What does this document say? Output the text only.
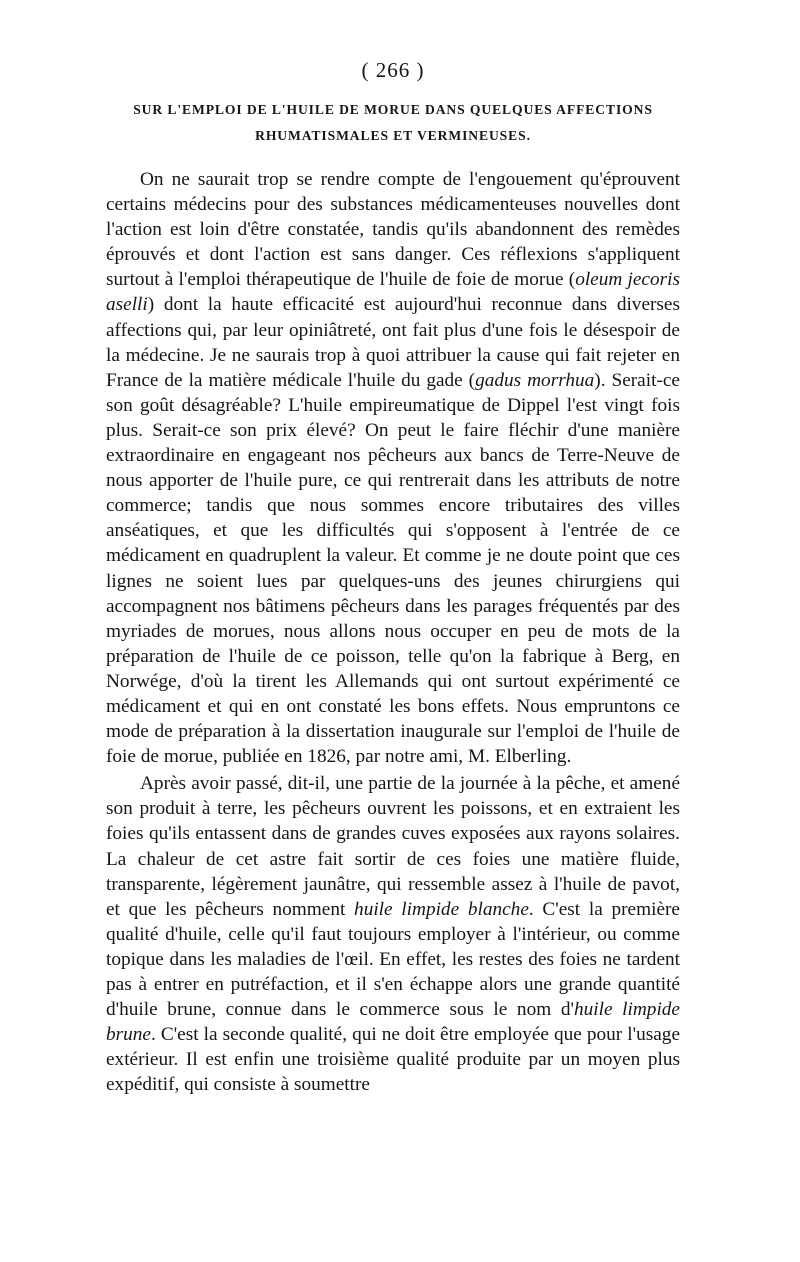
( 266 )
SUR L'EMPLOI DE L'HUILE DE MORUE DANS QUELQUES AFFECTIONS
RHUMATISMALES ET VERMINEUSES.

On ne saurait trop se rendre compte de l'engouement qu'éprouvent certains médecins pour des substances médicamenteuses nouvelles dont l'action est loin d'être constatée, tandis qu'ils abandonnent des remèdes éprouvés et dont l'action est sans danger. Ces réflexions s'appliquent surtout à l'emploi thérapeutique de l'huile de foie de morue (oleum jecoris aselli) dont la haute efficacité est aujourd'hui reconnue dans diverses affections qui, par leur opiniâtreté, ont fait plus d'une fois le désespoir de la médecine. Je ne saurais trop à quoi attribuer la cause qui fait rejeter en France de la matière médicale l'huile du gade (gadus morrhua). Serait-ce son goût désagréable? L'huile empireumatique de Dippel l'est vingt fois plus. Serait-ce son prix élevé? On peut le faire fléchir d'une manière extraordinaire en engageant nos pêcheurs aux bancs de Terre-Neuve de nous apporter de l'huile pure, ce qui rentrerait dans les attributs de notre commerce; tandis que nous sommes encore tributaires des villes anséatiques, et que les difficultés qui s'opposent à l'entrée de ce médicament en quadruplent la valeur. Et comme je ne doute point que ces lignes ne soient lues par quelques-uns des jeunes chirurgiens qui accompagnent nos bâtimens pêcheurs dans les parages fréquentés par des myriades de morues, nous allons nous occuper en peu de mots de la préparation de l'huile de ce poisson, telle qu'on la fabrique à Berg, en Norwége, d'où la tirent les Allemands qui ont surtout expérimenté ce médicament et qui en ont constaté les bons effets. Nous empruntons ce mode de préparation à la dissertation inaugurale sur l'emploi de l'huile de foie de morue, publiée en 1826, par notre ami, M. Elberling.

Après avoir passé, dit-il, une partie de la journée à la pêche, et amené son produit à terre, les pêcheurs ouvrent les poissons, et en extraient les foies qu'ils entassent dans de grandes cuves exposées aux rayons solaires. La chaleur de cet astre fait sortir de ces foies une matière fluide, transparente, légèrement jaunâtre, qui ressemble assez à l'huile de pavot, et que les pêcheurs nomment huile limpide blanche. C'est la première qualité d'huile, celle qu'il faut toujours employer à l'intérieur, ou comme topique dans les maladies de l'œil. En effet, les restes des foies ne tardent pas à entrer en putréfaction, et il s'en échappe alors une grande quantité d'huile brune, connue dans le commerce sous le nom d'huile limpide brune. C'est la seconde qualité, qui ne doit être employée que pour l'usage extérieur. Il est enfin une troisième qualité produite par un moyen plus expéditif, qui consiste à soumettre
